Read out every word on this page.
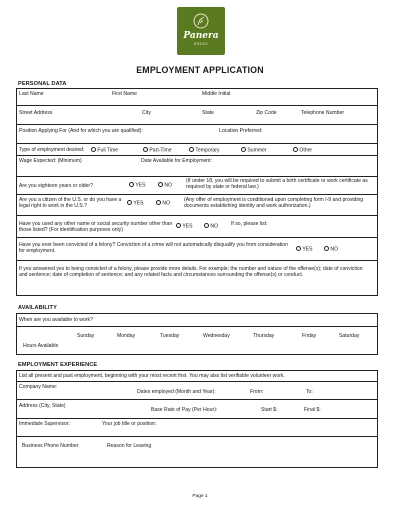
Panera
BREAD
EMPLOYMENT APPLICATION
PERSONAL DATA
Last Name	First Name	Middle Initial
Street Address	City	State	Zip Code	Telephone Number
Position Applying For (And for which you are qualified):	Location Preferred:
Type of employment desired:	Full Time	Part-Time	Temporary	Summer	Other
Wage Expected: (Minimum)	Date Available for Employment:
Are you eighteen years or older?	YES	NO
(If under 18, you will be required to submit a birth certificate or work certificate as required by state or federal law.)
Are you a citizen of the U.S. or do you have a legal right to work in the U.S.?	YES	NO
(Any offer of employment is conditioned upon completing form I-9 and providing documents establishing identity and work authorization.)
Have you used any other name or social security number other than those listed? (For identification purposes only)
YES	NO	If so, please list:
Have you ever been convicted of a felony? Conviction of a crime will not automatically disqualify you from consideration for employment.	YES	NO
If you answered yes to being convicted of a felony, please provide more details. For example; the number and nature of the offense(s); date of conviction and sentence; date of completion of sentence; and any related facts and circumstances surrounding the offense(s) or conduct.
AVAILABILITY
When are you available to work?
Sunday	Monday	Tuesday	Wednesday	Thursday	Friday	Saturday
Hours Available
EMPLOYMENT EXPERIENCE
List all present and past employment, beginning with your most recent first. You may also list verifiable volunteer work.
Company Name:
Dates employed (Month and Year):	From:	To:
Address (City, State)
Base Rate of Pay (Per Hour):	Start $:	Final $:
Immediate Supervisor:	Your job title or position:
Business Phone Number	Reason for Leaving
Page 1
